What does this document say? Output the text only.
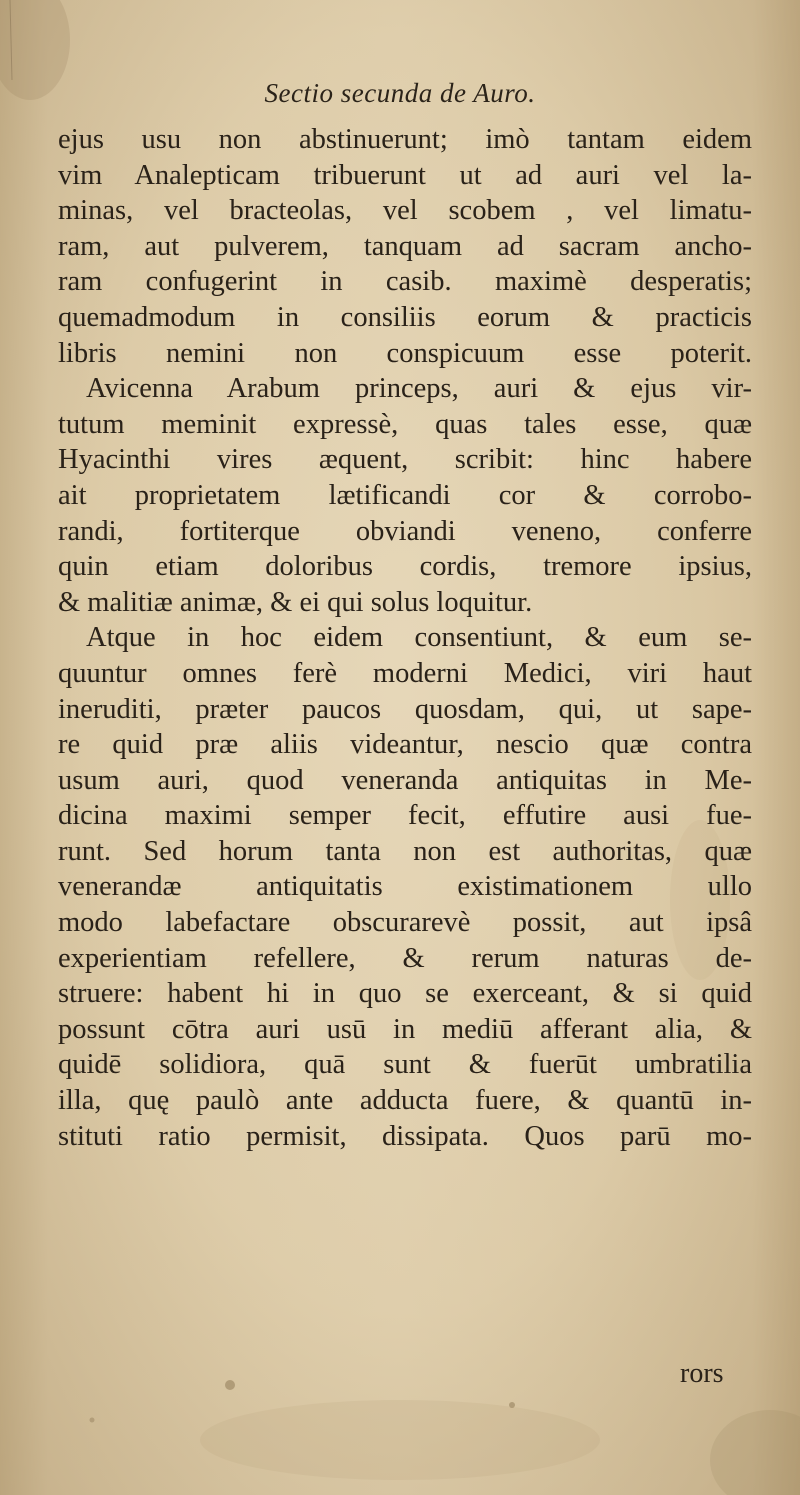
Sectio secunda de Auro.
ejus usu non abstinuerunt; imò tantam eidem
vim Analepticam tribuerunt ut ad auri vel la-
minas, vel bracteolas, vel scobem , vel limatu-
ram, aut pulverem, tanquam ad sacram ancho-
ram confugerint in casib. maximè desperatis;
quemadmodum in consiliis eorum & practicis
libris nemini non conspicuum esse poterit.
Avicenna Arabum princeps, auri & ejus vir-
tutum meminit expressè, quas tales esse, quæ
Hyacinthi vires æquent, scribit: hinc habere
ait proprietatem lætificandi cor & corrobo-
randi, fortiterque obviandi veneno, conferre
quin etiam doloribus cordis, tremore ipsius,
& malitiæ animæ, & ei qui solus loquitur.
Atque in hoc eidem consentiunt, & eum se-
quuntur omnes ferè moderni Medici, viri haut
ineruditi, præter paucos quosdam, qui, ut sape-
re quid præ aliis videantur, nescio quæ contra
usum auri, quod veneranda antiquitas in Me-
dicina maximi semper fecit, effutire ausi fue-
runt. Sed horum tanta non est authoritas, quæ
venerandæ antiquitatis existimationem ullo
modo labefactare obscurarevè possit, aut ipsâ
experientiam refellere, & rerum naturas de-
struere: habent hi in quo se exerceant, & si quid
possunt cōtra auri usū in mediū afferant alia, &
quidē solidiora, quā sunt & fuerūt umbratilia
illa, quę paulò ante adducta fuere, & quantū in-
stituti ratio permisit, dissipata. Quos parū mo-
rors
